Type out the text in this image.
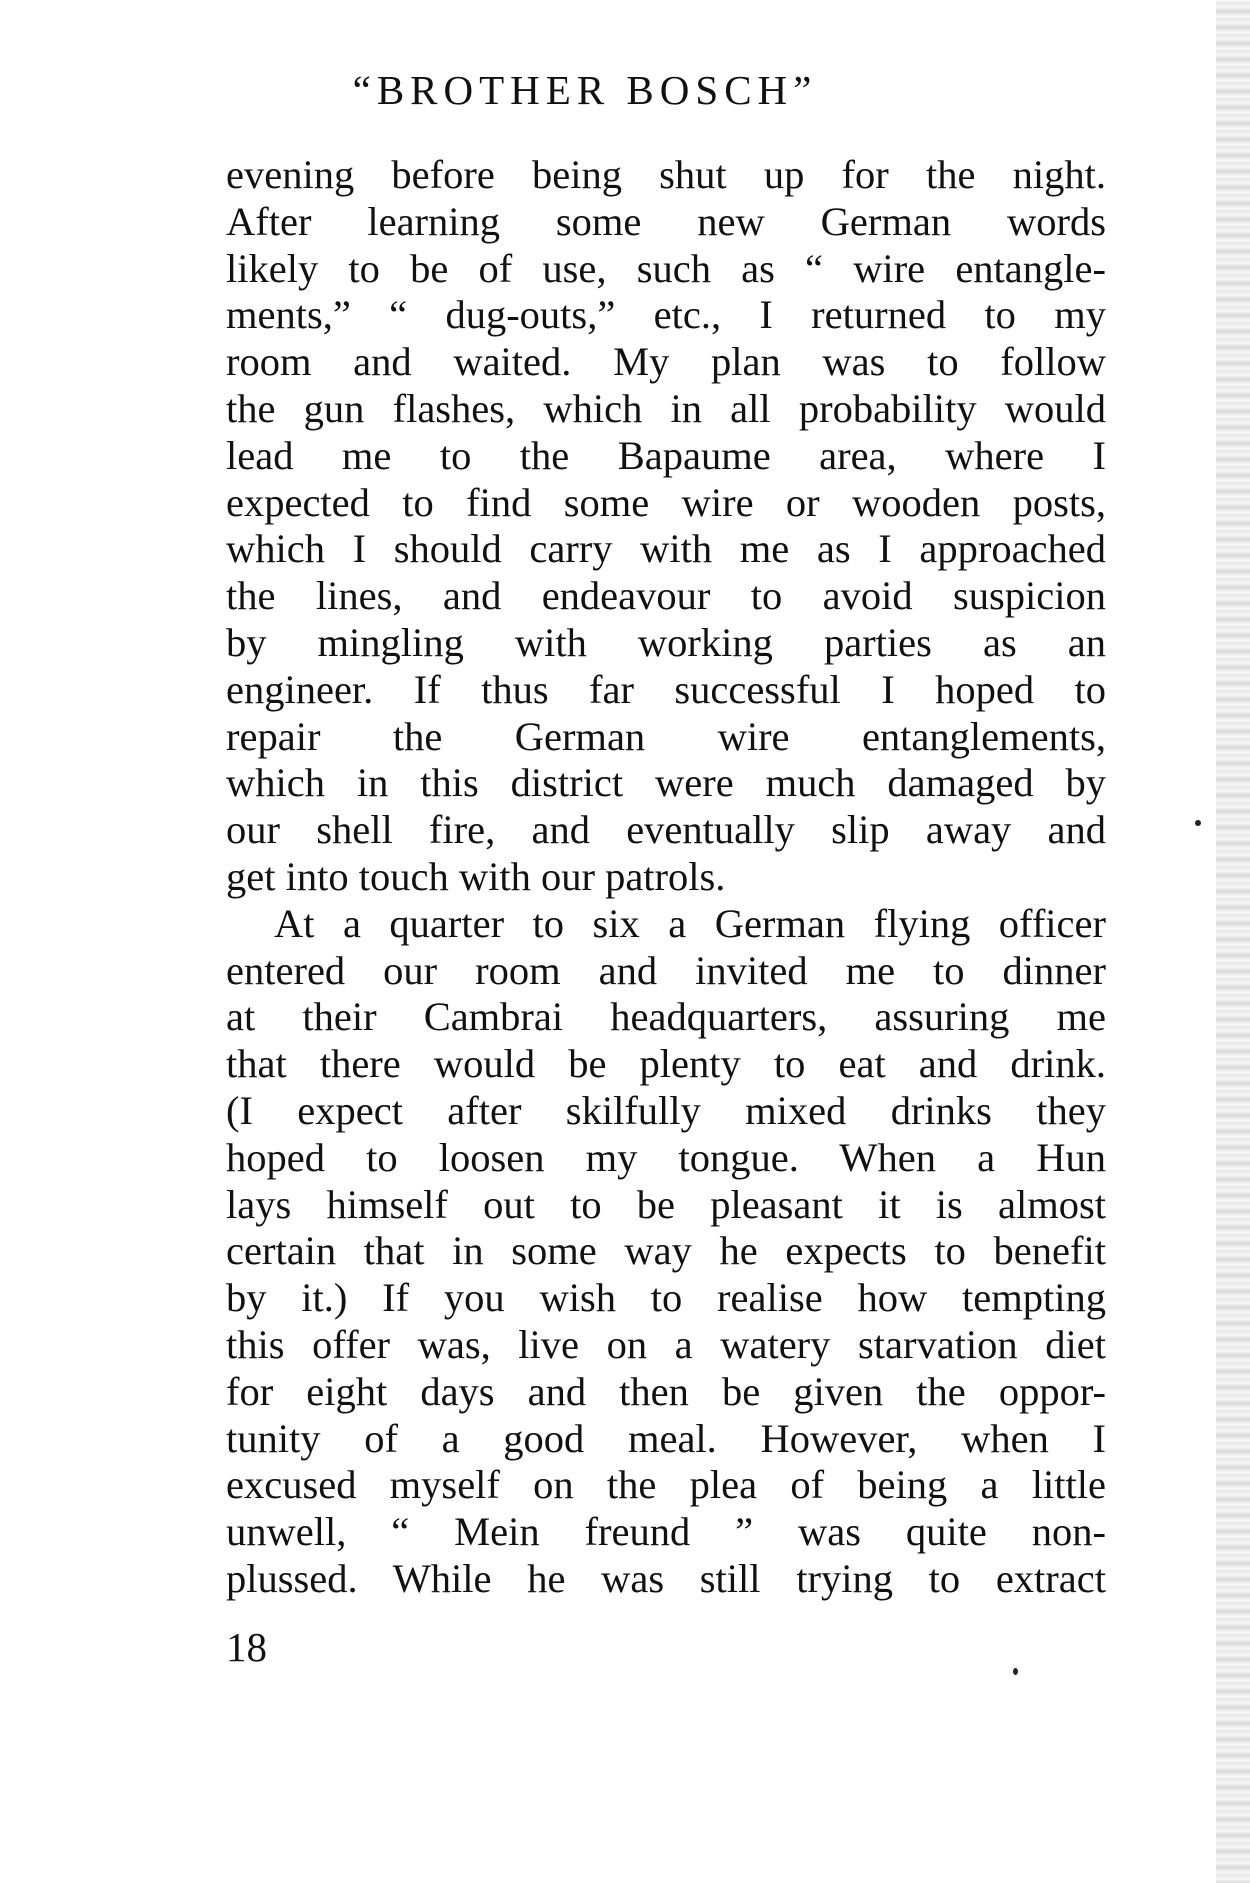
“BROTHER BOSCH”
evening before being shut up for the night.
After learning some new German words
likely to be of use, such as “ wire entangle-
ments,” “ dug-outs,” etc., I returned to my
room and waited. My plan was to follow
the gun flashes, which in all probability would
lead me to the Bapaume area, where I
expected to find some wire or wooden posts,
which I should carry with me as I approached
the lines, and endeavour to avoid suspicion
by mingling with working parties as an
engineer. If thus far successful I hoped to
repair the German wire entanglements,
which in this district were much damaged by
our shell fire, and eventually slip away and
get into touch with our patrols.
At a quarter to six a German flying officer
entered our room and invited me to dinner
at their Cambrai headquarters, assuring me
that there would be plenty to eat and drink.
(I expect after skilfully mixed drinks they
hoped to loosen my tongue. When a Hun
lays himself out to be pleasant it is almost
certain that in some way he expects to benefit
by it.) If you wish to realise how tempting
this offer was, live on a watery starvation diet
for eight days and then be given the oppor-
tunity of a good meal. However, when I
excused myself on the plea of being a little
unwell, “ Mein freund ” was quite non-
plussed. While he was still trying to extract
18
